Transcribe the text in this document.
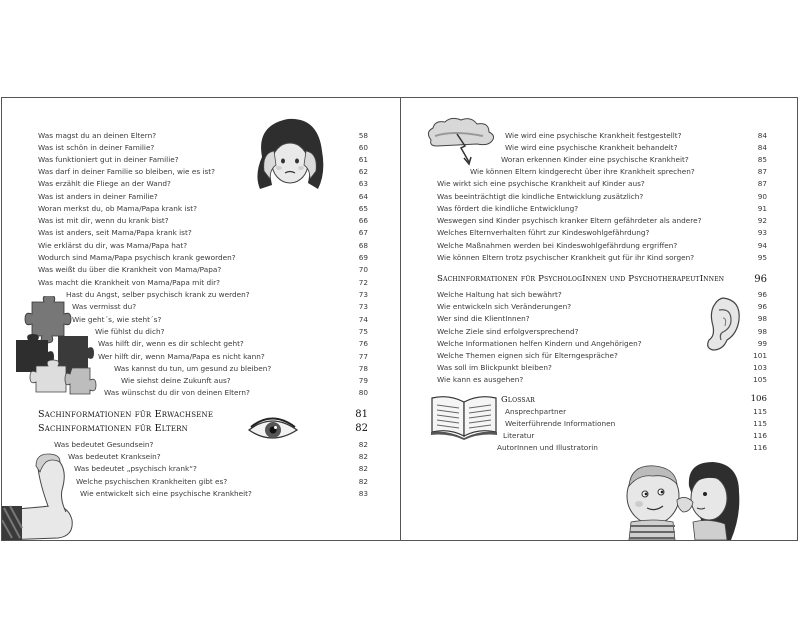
Was magst du an deinen Eltern?	58
Was ist schön in deiner Familie?	60
Was funktioniert gut in deiner Familie?	61
Was darf in deiner Familie so bleiben, wie es ist?	62
Was erzählt die Fliege an der Wand?	63
Was ist anders in deiner Familie?	64
Woran merkst du, ob Mama/Papa krank ist?	65
Was ist mit dir, wenn du krank bist?	66
Was ist anders, seit Mama/Papa krank ist?	67
Wie erklärst du dir, was Mama/Papa hat?	68
Wodurch sind Mama/Papa psychisch krank geworden?	69
Was weißt du über die Krankheit von Mama/Papa?	70
Was macht die Krankheit von Mama/Papa mit dir?	72
Hast du Angst, selber psychisch krank zu werden?	73
Was vermisst du?	73
Wie geht´s, wie steht´s?	74
Wie fühlst du dich?	75
Was hilft dir, wenn es dir schlecht geht?	76
Wer hilft dir, wenn Mama/Papa es nicht kann?	77
Was kannst du tun, um gesund zu bleiben?	78
Wie siehst deine Zukunft aus?	79
Was wünschst du dir von deinen Eltern?	80
Sachinformationen für Erwachsene	81
Sachinformationen für Eltern	82
Was bedeutet Gesundsein?	82
Was bedeutet Kranksein?	82
Was bedeutet „psychisch krank“?	82
Welche psychischen Krankheiten gibt es?	82
Wie entwickelt sich eine psychische Krankheit?	83
Wie wird eine psychische Krankheit festgestellt?	84
Wie wird eine psychische Krankheit behandelt?	84
Woran erkennen Kinder eine psychische Krankheit?	85
Wie können Eltern kindgerecht über ihre Krankheit sprechen?	87
Wie wirkt sich eine psychische Krankheit auf Kinder aus?	87
Was beeinträchtigt die kindliche Entwicklung zusätzlich?	90
Was fördert die kindliche Entwicklung?	91
Weswegen sind Kinder psychisch kranker Eltern gefährdeter als andere?	92
Welches Elternverhalten führt zur Kindeswohlgefährdung?	93
Welche Maßnahmen werden bei Kindeswohlgefährdung ergriffen?	94
Wie können Eltern trotz psychischer Krankheit gut für ihr Kind sorgen?	95
Sachinformationen für PsychologInnen und PsychotherapeutInnen	96
Welche Haltung hat sich bewährt?	96
Wie entwickeln sich Veränderungen?	96
Wer sind die KlientInnen?	98
Welche Ziele sind erfolgversprechend?	98
Welche Informationen helfen Kindern und Angehörigen?	99
Welche Themen eignen sich für Elterngespräche?	101
Was soll im Blickpunkt bleiben?	103
Wie kann es ausgehen?	105
Glossar	106
Ansprechpartner	115
Weiterführende Informationen	115
Literatur	116
AutorInnen und Illustratorin	116
